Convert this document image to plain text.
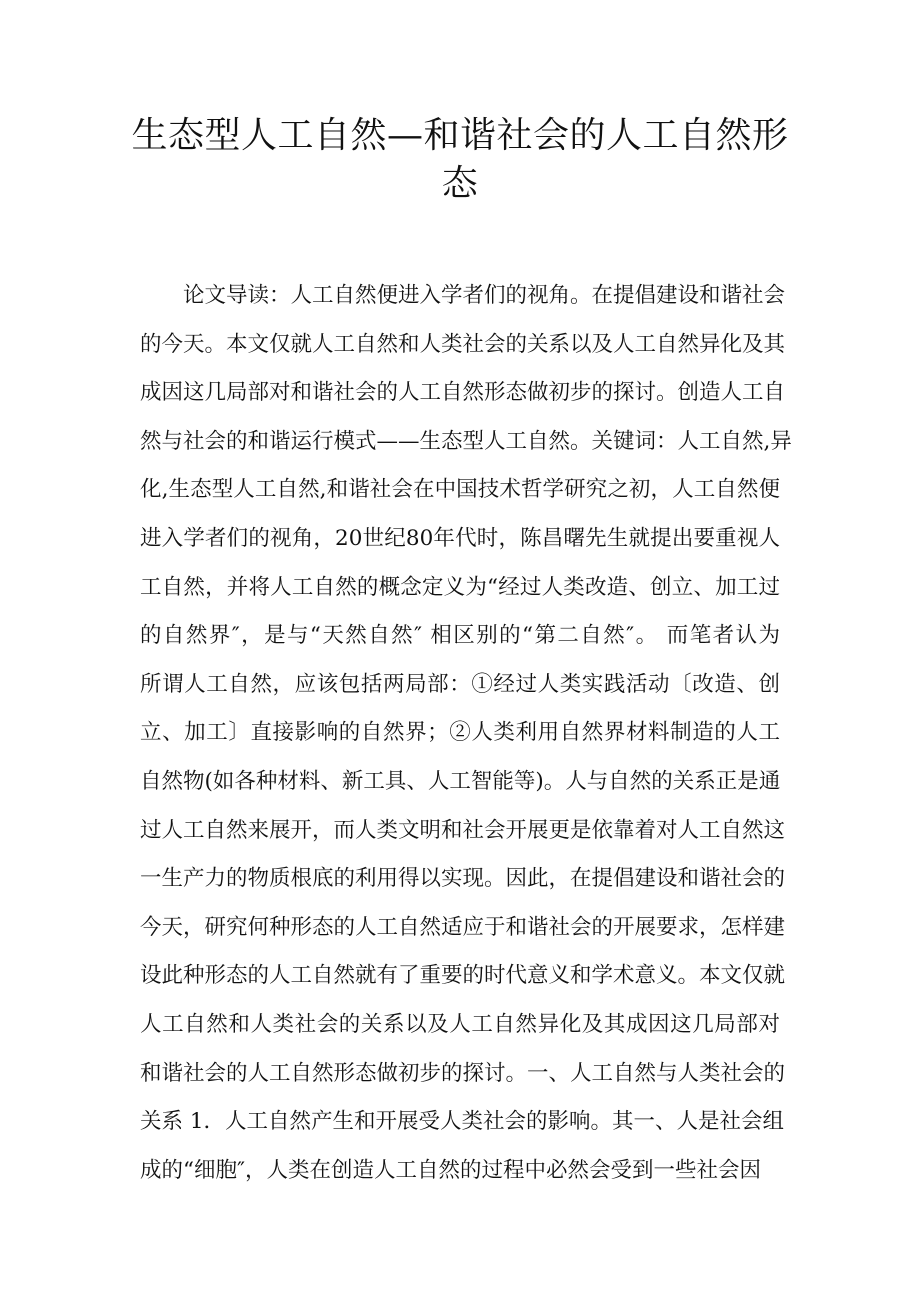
生态型人工自然—和谐社会的人工自然形
态
论文导读：人工自然便进入学者们的视角。在提倡建设和谐社会
的今天。本文仅就人工自然和人类社会的关系以及人工自然异化及其
成因这几局部对和谐社会的人工自然形态做初步的探讨。创造人工自
然与社会的和谐运行模式——生态型人工自然。关键词：人工自然,异
化,生态型人工自然,和谐社会在中国技术哲学研究之初，人工自然便
进入学者们的视角，20世纪80年代时，陈昌曙先生就提出要重视人
工自然，并将人工自然的概念定义为“经过人类改造、创立、加工过
的自然界″，是与“天然自然″ 相区别的“第二自然″。 而笔者认为
所谓人工自然，应该包括两局部：①经过人类实践活动〔改造、创
立、加工〕直接影响的自然界；②人类利用自然界材料制造的人工
自然物(如各种材料、新工具、人工智能等)。人与自然的关系正是通
过人工自然来展开，而人类文明和社会开展更是依靠着对人工自然这
一生产力的物质根底的利用得以实现。因此，在提倡建设和谐社会的
今天，研究何种形态的人工自然适应于和谐社会的开展要求，怎样建
设此种形态的人工自然就有了重要的时代意义和学术意义。本文仅就
人工自然和人类社会的关系以及人工自然异化及其成因这几局部对
和谐社会的人工自然形态做初步的探讨。一、人工自然与人类社会的
关系 1．人工自然产生和开展受人类社会的影响。其一、人是社会组
成的“细胞″，人类在创造人工自然的过程中必然会受到一些社会因
